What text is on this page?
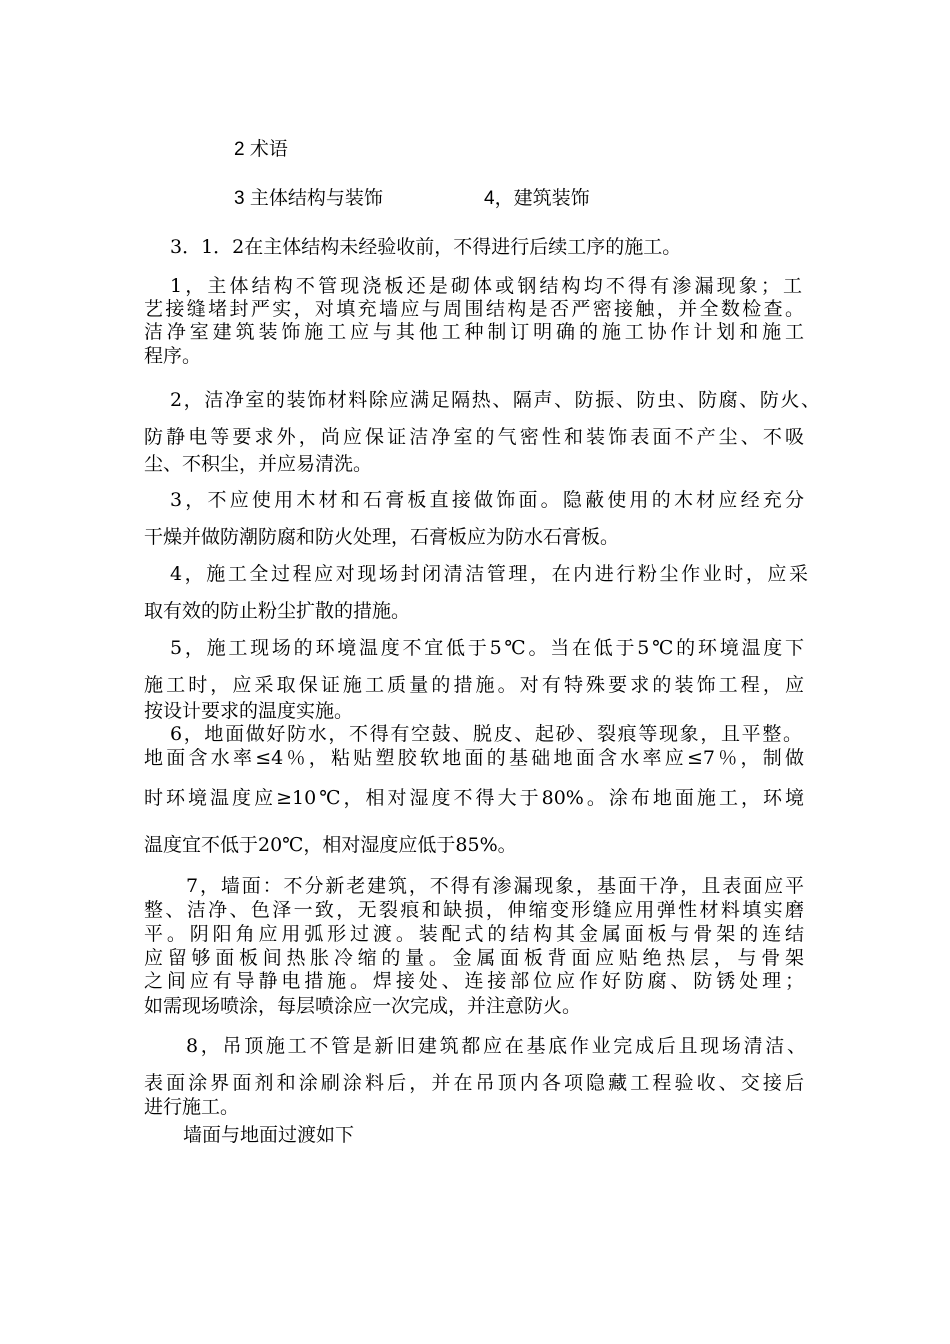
2 术语
3 主体结构与装饰	4，建筑装饰
3．1．2在主体结构未经验收前，不得进行后续工序的施工。
1，主体结构不管现浇板还是砌体或钢结构均不得有渗漏现象；工
艺接缝堵封严实，对填充墙应与周围结构是否严密接触，并全数检查。
洁净室建筑装饰施工应与其他工种制订明确的施工协作计划和施工
程序。
2，洁净室的装饰材料除应满足隔热、隔声、防振、防虫、防腐、防火、
防静电等要求外，尚应保证洁净室的气密性和装饰表面不产尘、不吸
尘、不积尘，并应易清洗。
3，不应使用木材和石膏板直接做饰面。隐蔽使用的木材应经充分
干燥并做防潮防腐和防火处理，石膏板应为防水石膏板。
4，施工全过程应对现场封闭清洁管理，在内进行粉尘作业时，应采
取有效的防止粉尘扩散的措施。
5，施工现场的环境温度不宜低于5℃。当在低于5℃的环境温度下
施工时，应采取保证施工质量的措施。对有特殊要求的装饰工程，应
按设计要求的温度实施。
6，地面做好防水，不得有空鼓、脱皮、起砂、裂痕等现象，且平整。
地面含水率≤4％，粘贴塑胶软地面的基础地面含水率应≤7％，制做
时环境温度应≥10℃，相对湿度不得大于80%。涂布地面施工，环境
温度宜不低于20℃，相对湿度应低于85%。
7，墙面：不分新老建筑，不得有渗漏现象，基面干净，且表面应平
整、洁净、色泽一致，无裂痕和缺损，伸缩变形缝应用弹性材料填实磨
平。阴阳角应用弧形过渡。装配式的结构其金属面板与骨架的连结
应留够面板间热胀冷缩的量。金属面板背面应贴绝热层，与骨架
之间应有导静电措施。焊接处、连接部位应作好防腐、防锈处理；
如需现场喷涂，每层喷涂应一次完成，并注意防火。
8，吊顶施工不管是新旧建筑都应在基底作业完成后且现场清洁、
表面涂界面剂和涂刷涂料后，并在吊顶内各项隐藏工程验收、交接后
进行施工。
墙面与地面过渡如下
